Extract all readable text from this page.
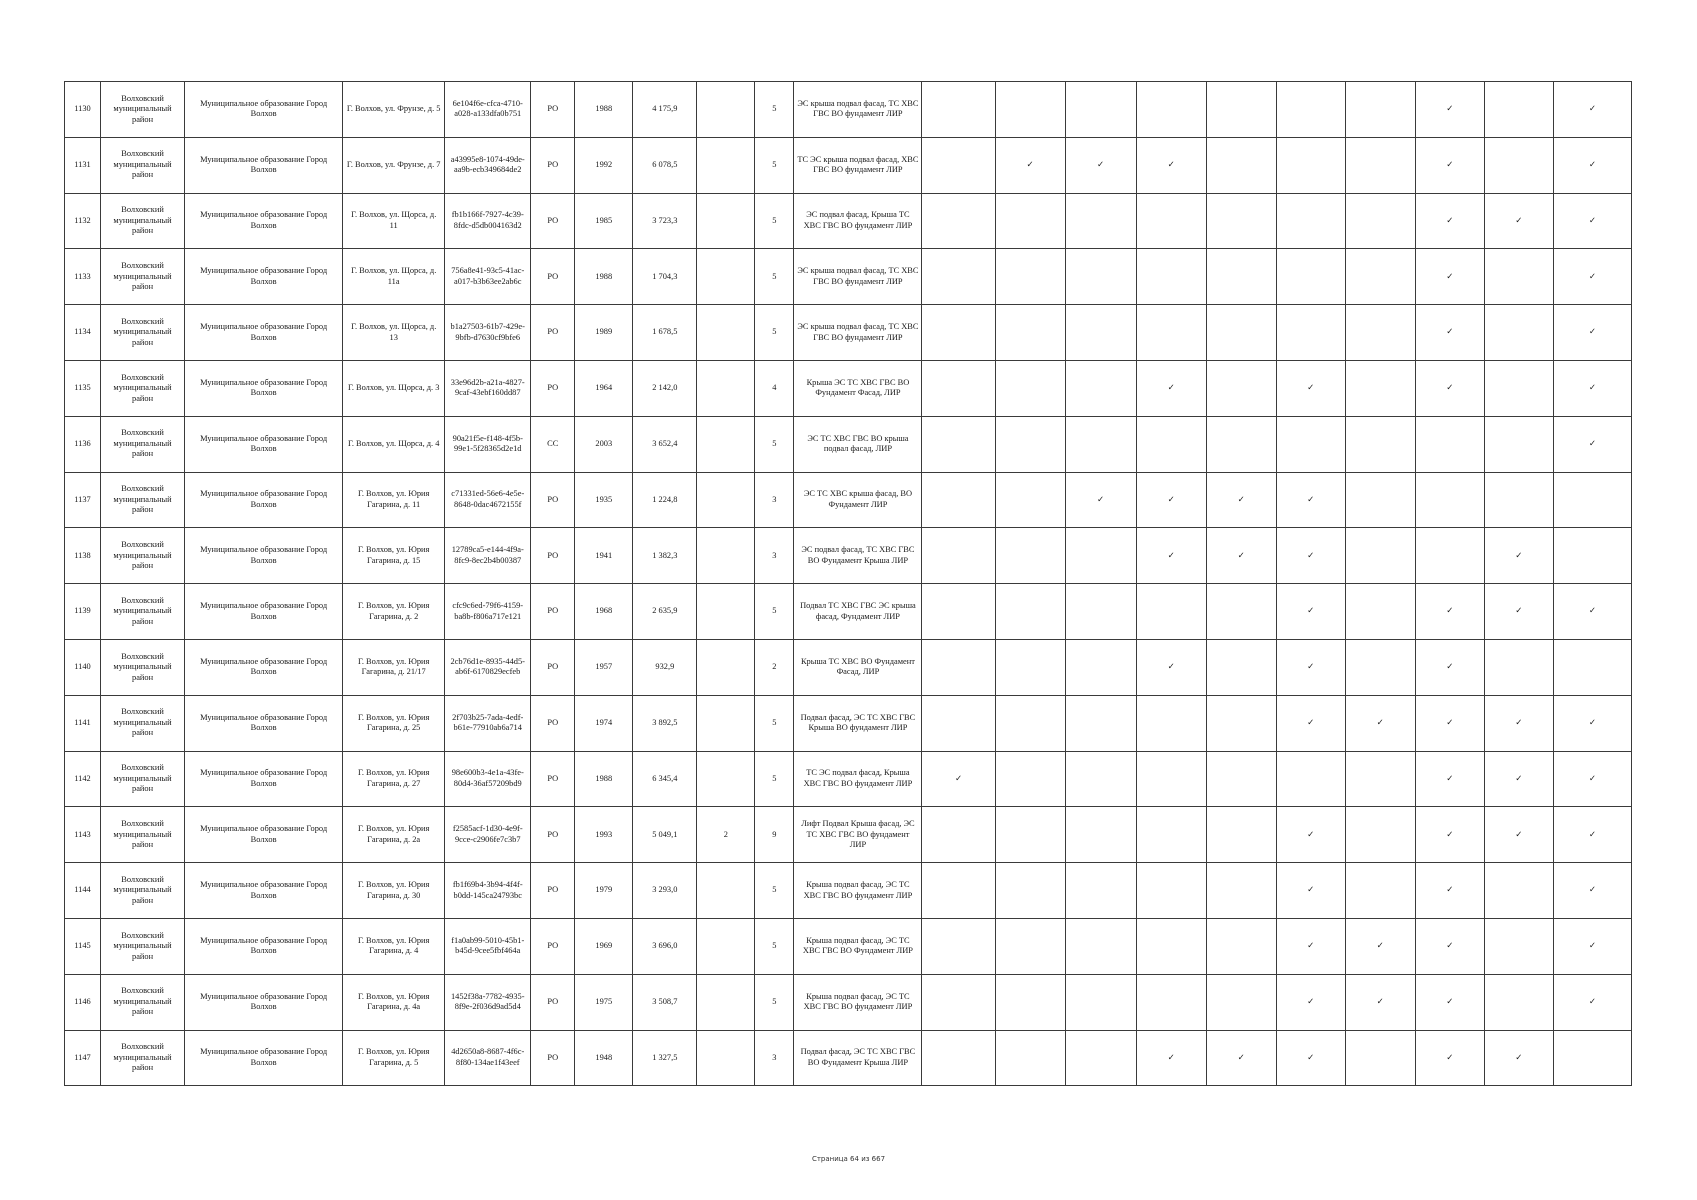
1130	Волховский муниципальный район	Муниципальное образование Город Волхов	Г. Волхов, ул. Фрунзе, д. 5	6e104f6e-cfca-4710-a028-a133dfa0b751	РО	1988	4 175,9		5	ЭС крыша подвал фасад, ТС ХВС ГВС ВО фундамент ЛИР								✓		✓
1131	Волховский муниципальный район	Муниципальное образование Город Волхов	Г. Волхов, ул. Фрунзе, д. 7	a43995e8-1074-49de-aa9b-ecb349684de2	РО	1992	6 078,5		5	ТС ЭС крыша подвал фасад, ХВС ГВС ВО фундамент ЛИР		✓	✓	✓				✓		✓
1132	Волховский муниципальный район	Муниципальное образование Город Волхов	Г. Волхов, ул. Щорса, д. 11	fb1b166f-7927-4c39-8fdc-d5db004163d2	РО	1985	3 723,3		5	ЭС подвал фасад, Крыша ТС ХВС ГВС ВО фундамент ЛИР								✓	✓	✓
1133	Волховский муниципальный район	Муниципальное образование Город Волхов	Г. Волхов, ул. Щорса, д. 11а	756a8e41-93c5-41ac-a017-b3b63ee2ab6c	РО	1988	1 704,3		5	ЭС крыша подвал фасад, ТС ХВС ГВС ВО фундамент ЛИР								✓		✓
1134	Волховский муниципальный район	Муниципальное образование Город Волхов	Г. Волхов, ул. Щорса, д. 13	b1a27503-61b7-429e-9bfb-d7630cf9bfe6	РО	1989	1 678,5		5	ЭС крыша подвал фасад, ТС ХВС ГВС ВО фундамент ЛИР								✓		✓
1135	Волховский муниципальный район	Муниципальное образование Город Волхов	Г. Волхов, ул. Щорса, д. 3	33e96d2b-a21a-4827-9caf-43ebf160dd87	РО	1964	2 142,0		4	Крыша ЭС ТС ХВС ГВС ВО Фундамент Фасад, ЛИР				✓		✓		✓		✓
1136	Волховский муниципальный район	Муниципальное образование Город Волхов	Г. Волхов, ул. Щорса, д. 4	90a21f5e-f148-4f5b-99e1-5f28365d2e1d	СС	2003	3 652,4		5	ЭС ТС ХВС ГВС ВО крыша подвал фасад, ЛИР										✓
1137	Волховский муниципальный район	Муниципальное образование Город Волхов	Г. Волхов, ул. Юрия Гагарина, д. 11	c71331ed-56e6-4e5e-8648-0dac4672155f	РО	1935	1 224,8		3	ЭС ТС ХВС крыша фасад, ВО Фундамент ЛИР			✓	✓	✓	✓				
1138	Волховский муниципальный район	Муниципальное образование Город Волхов	Г. Волхов, ул. Юрия Гагарина, д. 15	12789ca5-e144-4f9a-8fc9-8ec2b4b00387	РО	1941	1 382,3		3	ЭС подвал фасад, ТС ХВС ГВС ВО Фундамент Крыша ЛИР				✓	✓	✓			✓	
1139	Волховский муниципальный район	Муниципальное образование Город Волхов	Г. Волхов, ул. Юрия Гагарина, д. 2	cfc9c6ed-79f6-4159-ba8b-f806a717e121	РО	1968	2 635,9		5	Подвал ТС ХВС ГВС ЭС крыша фасад, Фундамент ЛИР						✓		✓	✓	✓
1140	Волховский муниципальный район	Муниципальное образование Город Волхов	Г. Волхов, ул. Юрия Гагарина, д. 21/17	2cb76d1e-8935-44d5-ab6f-6170829ecfeb	РО	1957	932,9		2	Крыша ТС ХВС ВО Фундамент Фасад, ЛИР				✓		✓		✓		
1141	Волховский муниципальный район	Муниципальное образование Город Волхов	Г. Волхов, ул. Юрия Гагарина, д. 25	2f703b25-7ada-4edf-b61e-77910ab6a714	РО	1974	3 892,5		5	Подвал фасад, ЭС ТС ХВС ГВС Крыша ВО фундамент ЛИР						✓	✓	✓	✓	✓
1142	Волховский муниципальный район	Муниципальное образование Город Волхов	Г. Волхов, ул. Юрия Гагарина, д. 27	98e600b3-4e1a-43fe-80d4-36af57209bd9	РО	1988	6 345,4		5	ТС ЭС подвал фасад, Крыша ХВС ГВС ВО фундамент ЛИР	✓							✓	✓	✓
1143	Волховский муниципальный район	Муниципальное образование Город Волхов	Г. Волхов, ул. Юрия Гагарина, д. 2а	f2585acf-1d30-4e9f-9cce-c2906fe7c3b7	РО	1993	5 049,1	2	9	Лифт Подвал Крыша фасад, ЭС ТС ХВС ГВС ВО фундамент ЛИР						✓		✓	✓	✓
1144	Волховский муниципальный район	Муниципальное образование Город Волхов	Г. Волхов, ул. Юрия Гагарина, д. 30	fb1f69b4-3b94-4f4f-b0dd-145ca24793bc	РО	1979	3 293,0		5	Крыша подвал фасад, ЭС ТС ХВС ГВС ВО фундамент ЛИР						✓		✓		✓
1145	Волховский муниципальный район	Муниципальное образование Город Волхов	Г. Волхов, ул. Юрия Гагарина, д. 4	f1a0ab99-5010-45b1-b45d-9cee5fbf464a	РО	1969	3 696,0		5	Крыша подвал фасад, ЭС ТС ХВС ГВС ВО Фундамент ЛИР						✓	✓	✓		✓
1146	Волховский муниципальный район	Муниципальное образование Город Волхов	Г. Волхов, ул. Юрия Гагарина, д. 4а	1452f38a-7782-4935-8f9e-2f036d9ad5d4	РО	1975	3 508,7		5	Крыша подвал фасад, ЭС ТС ХВС ГВС ВО фундамент ЛИР						✓	✓	✓		✓
1147	Волховский муниципальный район	Муниципальное образование Город Волхов	Г. Волхов, ул. Юрия Гагарина, д. 5	4d2650a8-8687-4f6c-8f80-134ae1f43eef	РО	1948	1 327,5		3	Подвал фасад, ЭС ТС ХВС ГВС ВО Фундамент Крыша ЛИР				✓	✓	✓		✓	✓	
Страница 64 из 667
